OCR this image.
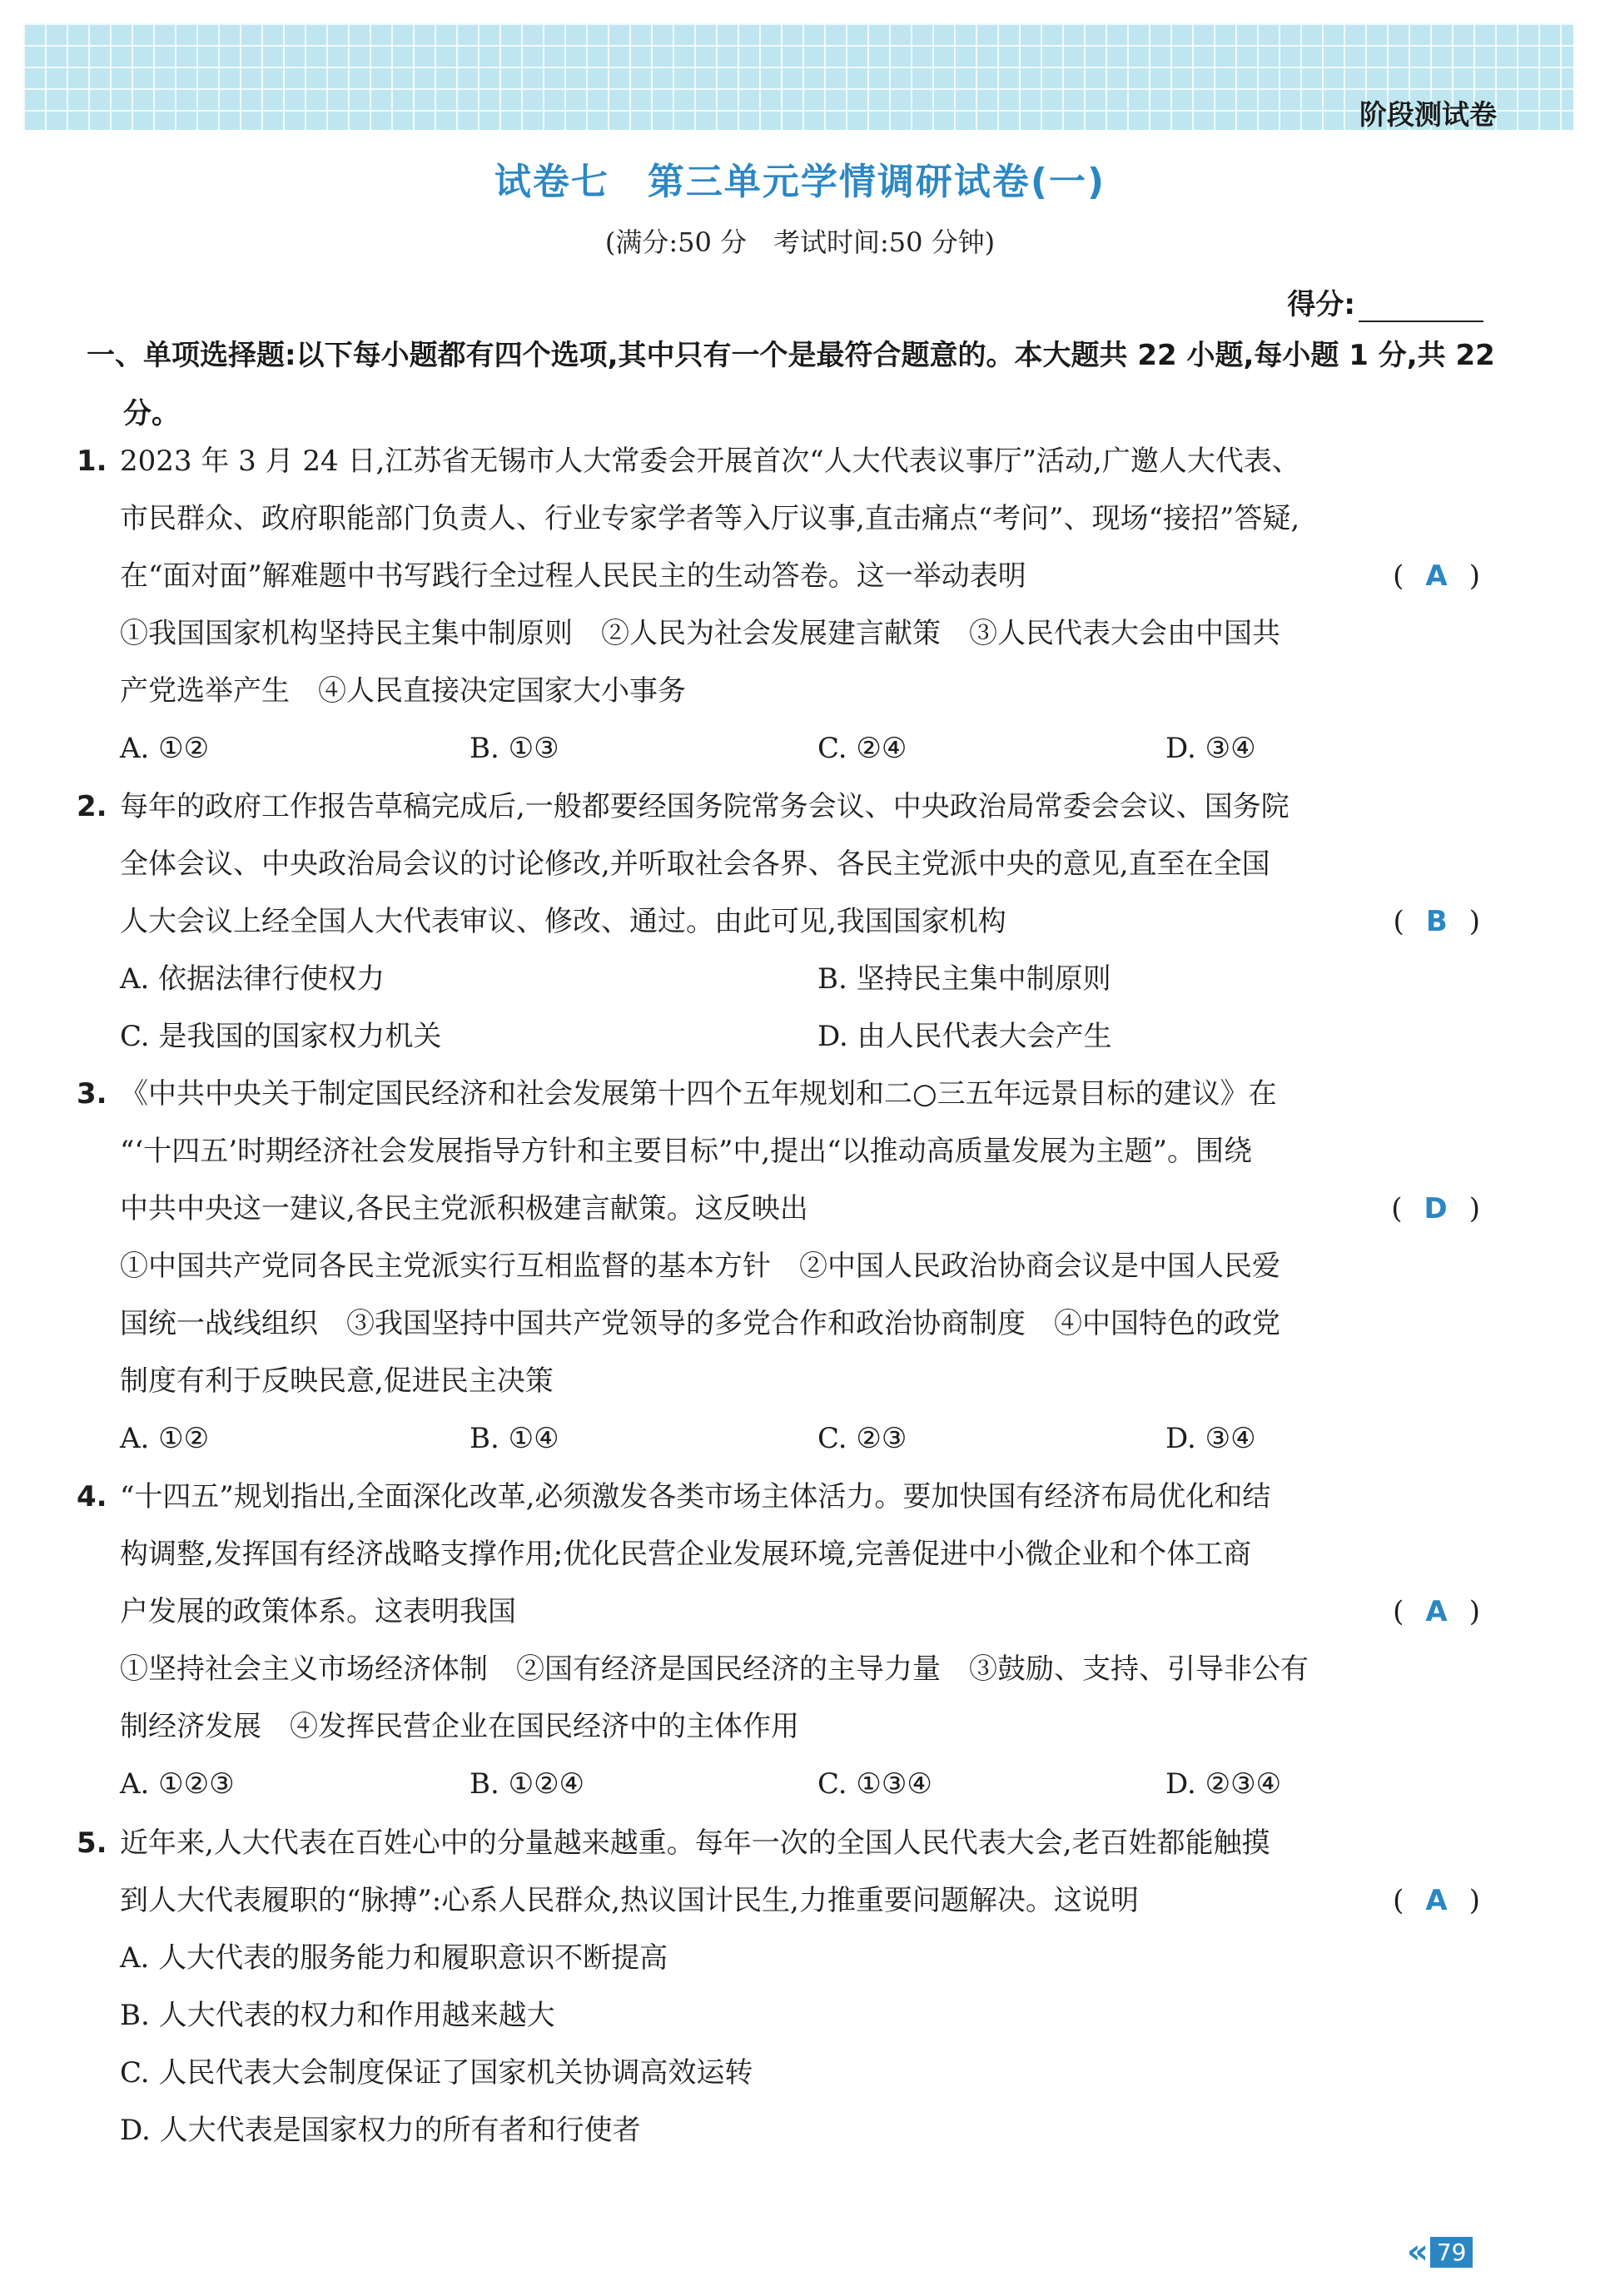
阶段测试卷
试卷七　第三单元学情调研试卷(一)
(满分:50 分　考试时间:50 分钟)
得分:
一、单项选择题:以下每小题都有四个选项,其中只有一个是最符合题意的。本大题共 22 小题,每小题 1 分,共 22 分。
1. 2023 年 3 月 24 日,江苏省无锡市人大常委会开展首次“人大代表议事厅”活动,广邀人大代表、
市民群众、政府职能部门负责人、行业专家学者等入厅议事,直击痛点“考问”、现场“接招”答疑,
在“面对面”解难题中书写践行全过程人民民主的生动答卷。这一举动表明	( A )
①我国国家机构坚持民主集中制原则　②人民为社会发展建言献策　③人民代表大会由中国共
产党选举产生　④人民直接决定国家大小事务
A. ①②	B. ①③	C. ②④	D. ③④
2. 每年的政府工作报告草稿完成后,一般都要经国务院常务会议、中央政治局常委会会议、国务院
全体会议、中央政治局会议的讨论修改,并听取社会各界、各民主党派中央的意见,直至在全国
人大会议上经全国人大代表审议、修改、通过。由此可见,我国国家机构	( B )
A. 依据法律行使权力	B. 坚持民主集中制原则
C. 是我国的国家权力机关	D. 由人民代表大会产生
3. 《中共中央关于制定国民经济和社会发展第十四个五年规划和二○三五年远景目标的建议》在
“‘十四五’时期经济社会发展指导方针和主要目标”中,提出“以推动高质量发展为主题”。围绕
中共中央这一建议,各民主党派积极建言献策。这反映出	( D )
①中国共产党同各民主党派实行互相监督的基本方针　②中国人民政治协商会议是中国人民爱
国统一战线组织　③我国坚持中国共产党领导的多党合作和政治协商制度　④中国特色的政党
制度有利于反映民意,促进民主决策
A. ①②	B. ①④	C. ②③	D. ③④
4. “十四五”规划指出,全面深化改革,必须激发各类市场主体活力。要加快国有经济布局优化和结
构调整,发挥国有经济战略支撑作用;优化民营企业发展环境,完善促进中小微企业和个体工商
户发展的政策体系。这表明我国	( A )
①坚持社会主义市场经济体制　②国有经济是国民经济的主导力量　③鼓励、支持、引导非公有
制经济发展　④发挥民营企业在国民经济中的主体作用
A. ①②③	B. ①②④	C. ①③④	D. ②③④
5. 近年来,人大代表在百姓心中的分量越来越重。每年一次的全国人民代表大会,老百姓都能触摸
到人大代表履职的“脉搏”:心系人民群众,热议国计民生,力推重要问题解决。这说明	( A )
A. 人大代表的服务能力和履职意识不断提高
B. 人大代表的权力和作用越来越大
C. 人民代表大会制度保证了国家机关协调高效运转
D. 人大代表是国家权力的所有者和行使者
« 79
